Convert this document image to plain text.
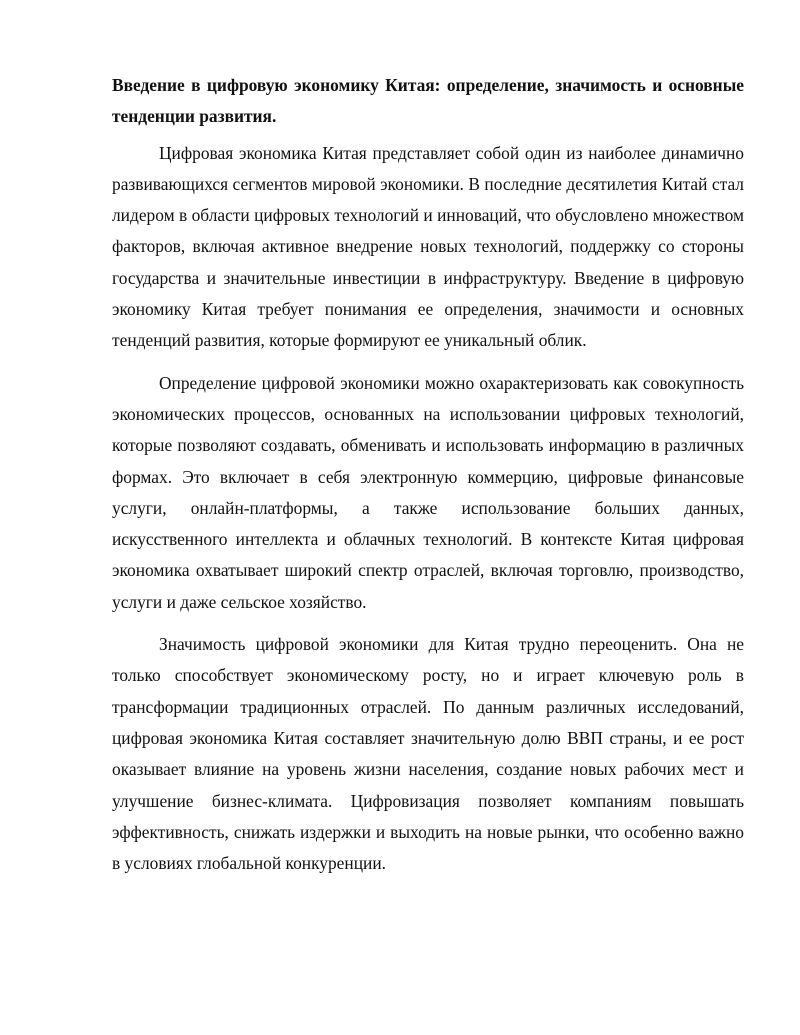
Введение в цифровую экономику Китая: определение, значимость и основные тенденции развития.

Цифровая экономика Китая представляет собой один из наиболее динамично развивающихся сегментов мировой экономики. В последние десятилетия Китай стал лидером в области цифровых технологий и инноваций, что обусловлено множеством факторов, включая активное внедрение новых технологий, поддержку со стороны государства и значительные инвестиции в инфраструктуру. Введение в цифровую экономику Китая требует понимания ее определения, значимости и основных тенденций развития, которые формируют ее уникальный облик.

Определение цифровой экономики можно охарактеризовать как совокупность экономических процессов, основанных на использовании цифровых технологий, которые позволяют создавать, обменивать и использовать информацию в различных формах. Это включает в себя электронную коммерцию, цифровые финансовые услуги, онлайн-платформы, а также использование больших данных, искусственного интеллекта и облачных технологий. В контексте Китая цифровая экономика охватывает широкий спектр отраслей, включая торговлю, производство, услуги и даже сельское хозяйство.

Значимость цифровой экономики для Китая трудно переоценить. Она не только способствует экономическому росту, но и играет ключевую роль в трансформации традиционных отраслей. По данным различных исследований, цифровая экономика Китая составляет значительную долю ВВП страны, и ее рост оказывает влияние на уровень жизни населения, создание новых рабочих мест и улучшение бизнес-климата. Цифровизация позволяет компаниям повышать эффективность, снижать издержки и выходить на новые рынки, что особенно важно в условиях глобальной конкуренции.
